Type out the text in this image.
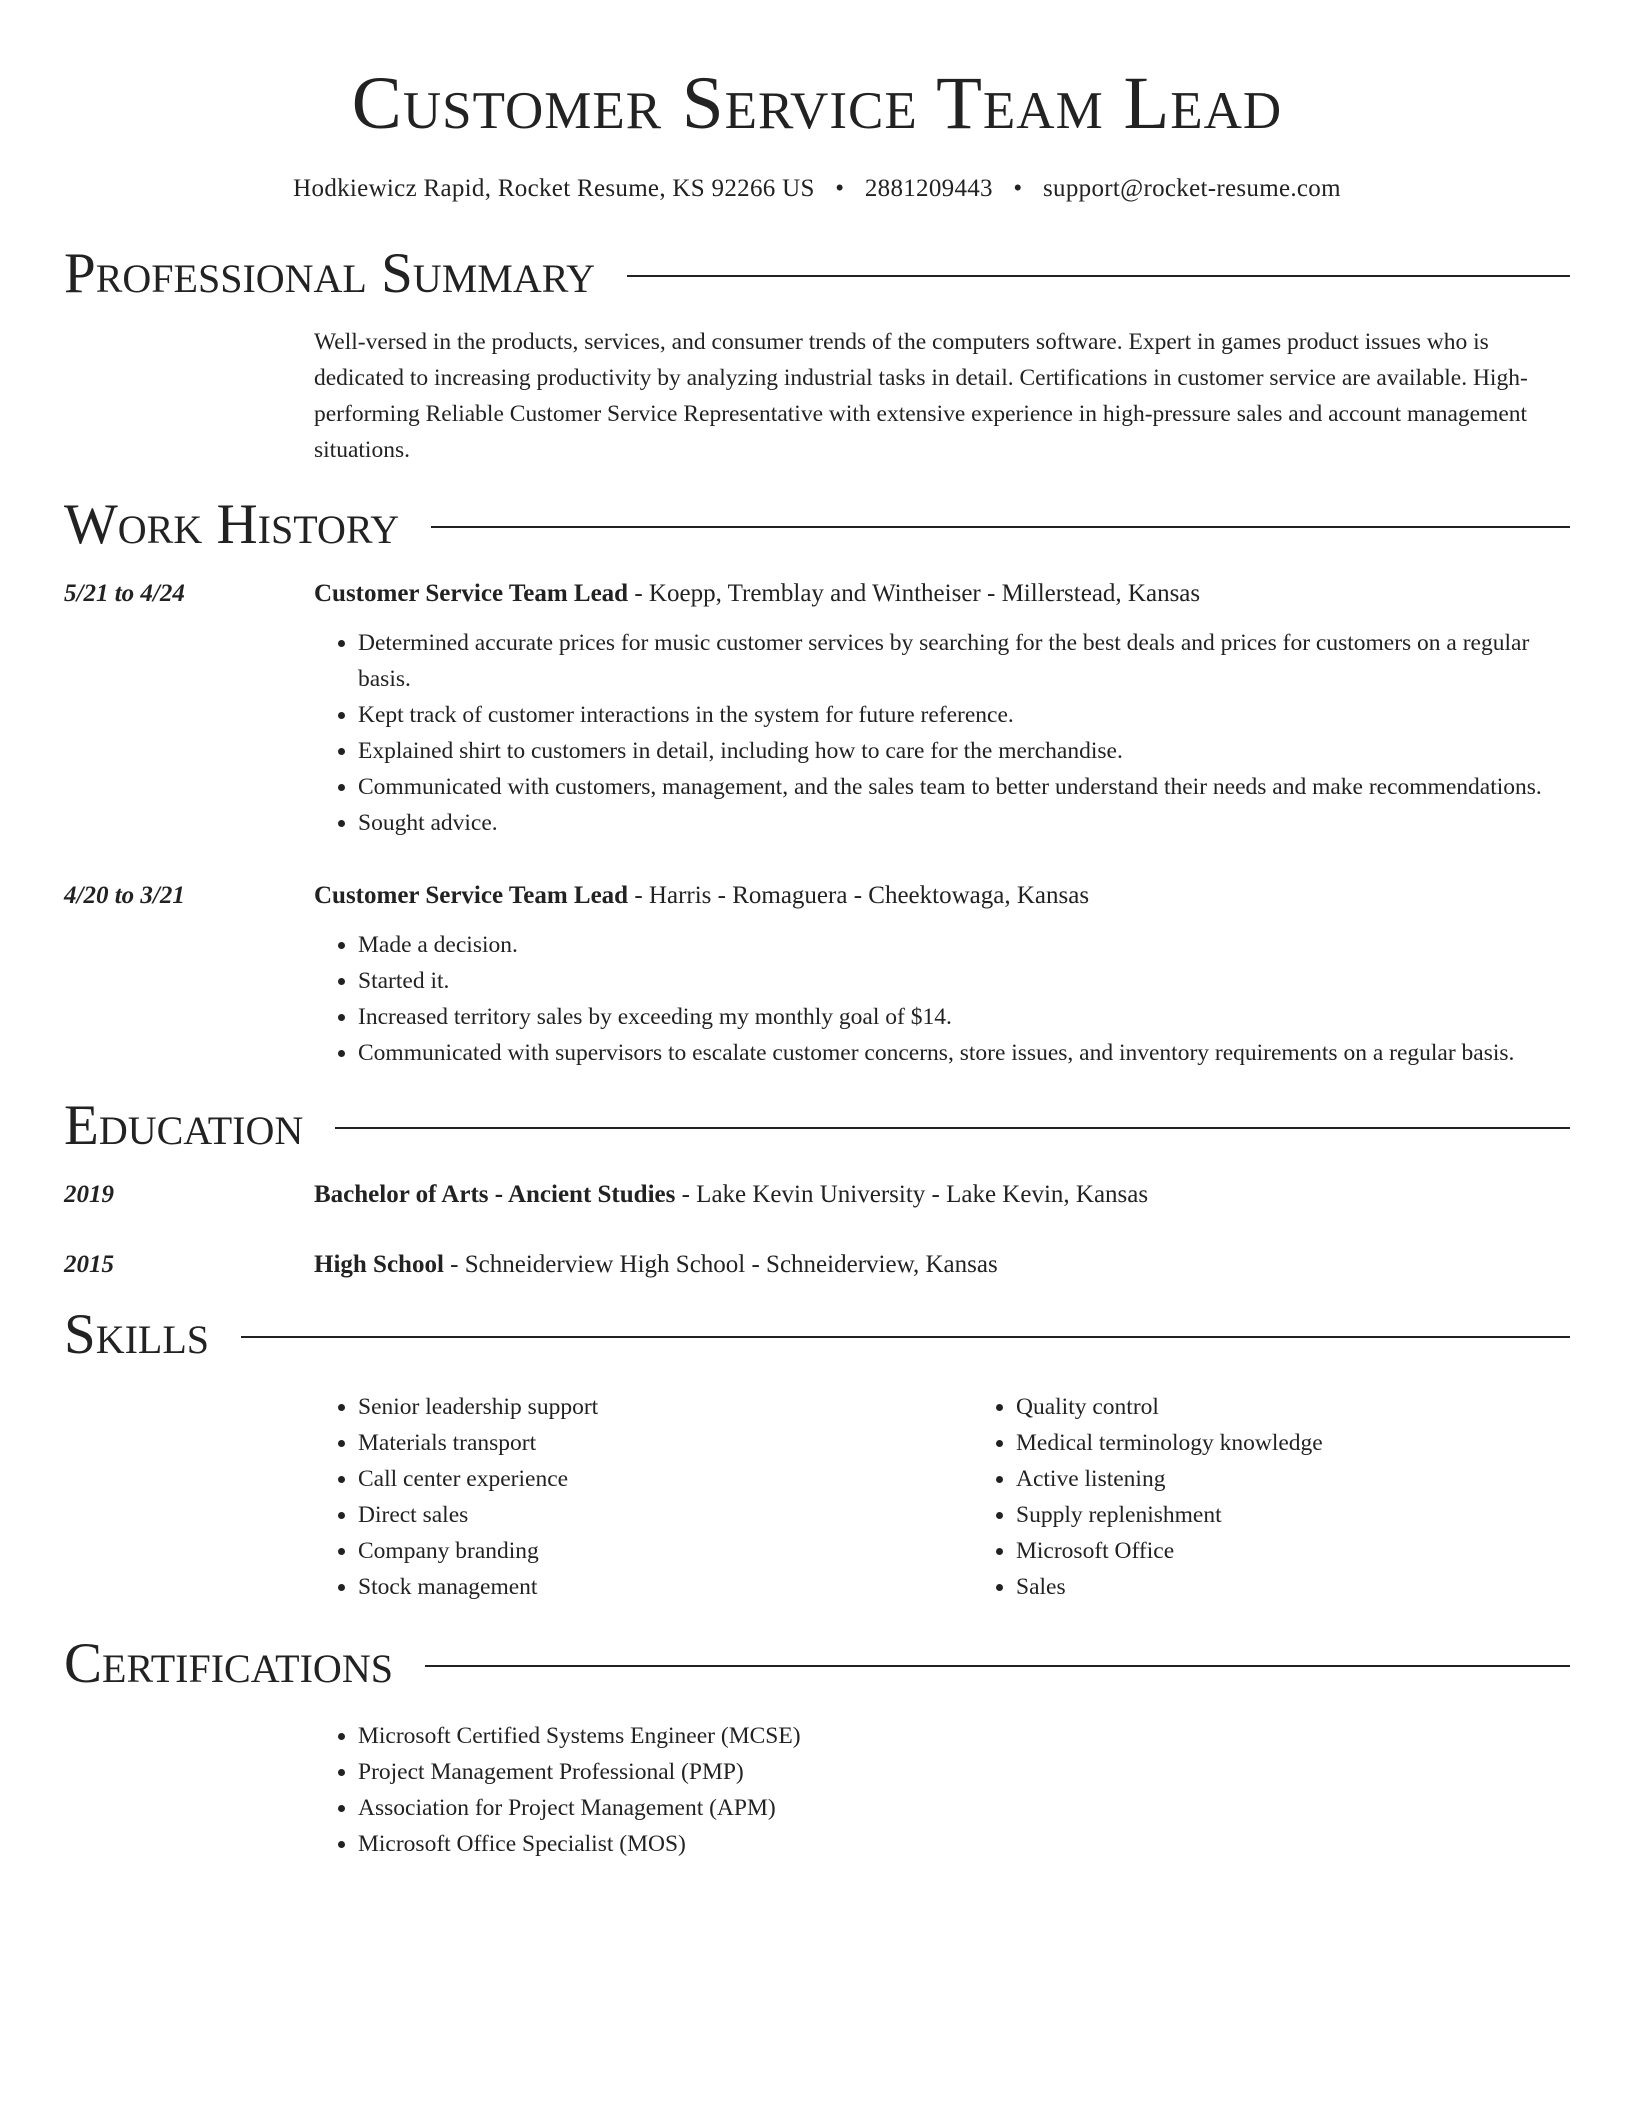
Customer Service Team Lead
Hodkiewicz Rapid, Rocket Resume, KS 92266 US • 2881209443 • support@rocket-resume.com
Professional Summary
Well-versed in the products, services, and consumer trends of the computers software. Expert in games product issues who is dedicated to increasing productivity by analyzing industrial tasks in detail. Certifications in customer service are available. High-performing Reliable Customer Service Representative with extensive experience in high-pressure sales and account management situations.
Work History
5/21 to 4/24	Customer Service Team Lead - Koepp, Tremblay and Wintheiser - Millerstead, Kansas
• Determined accurate prices for music customer services by searching for the best deals and prices for customers on a regular basis.
• Kept track of customer interactions in the system for future reference.
• Explained shirt to customers in detail, including how to care for the merchandise.
• Communicated with customers, management, and the sales team to better understand their needs and make recommendations.
• Sought advice.
4/20 to 3/21	Customer Service Team Lead - Harris - Romaguera - Cheektowaga, Kansas
• Made a decision.
• Started it.
• Increased territory sales by exceeding my monthly goal of $14.
• Communicated with supervisors to escalate customer concerns, store issues, and inventory requirements on a regular basis.
Education
2019	Bachelor of Arts - Ancient Studies - Lake Kevin University - Lake Kevin, Kansas
2015	High School - Schneiderview High School - Schneiderview, Kansas
Skills
• Senior leadership support
• Materials transport
• Call center experience
• Direct sales
• Company branding
• Stock management
• Quality control
• Medical terminology knowledge
• Active listening
• Supply replenishment
• Microsoft Office
• Sales
Certifications
• Microsoft Certified Systems Engineer (MCSE)
• Project Management Professional (PMP)
• Association for Project Management (APM)
• Microsoft Office Specialist (MOS)
